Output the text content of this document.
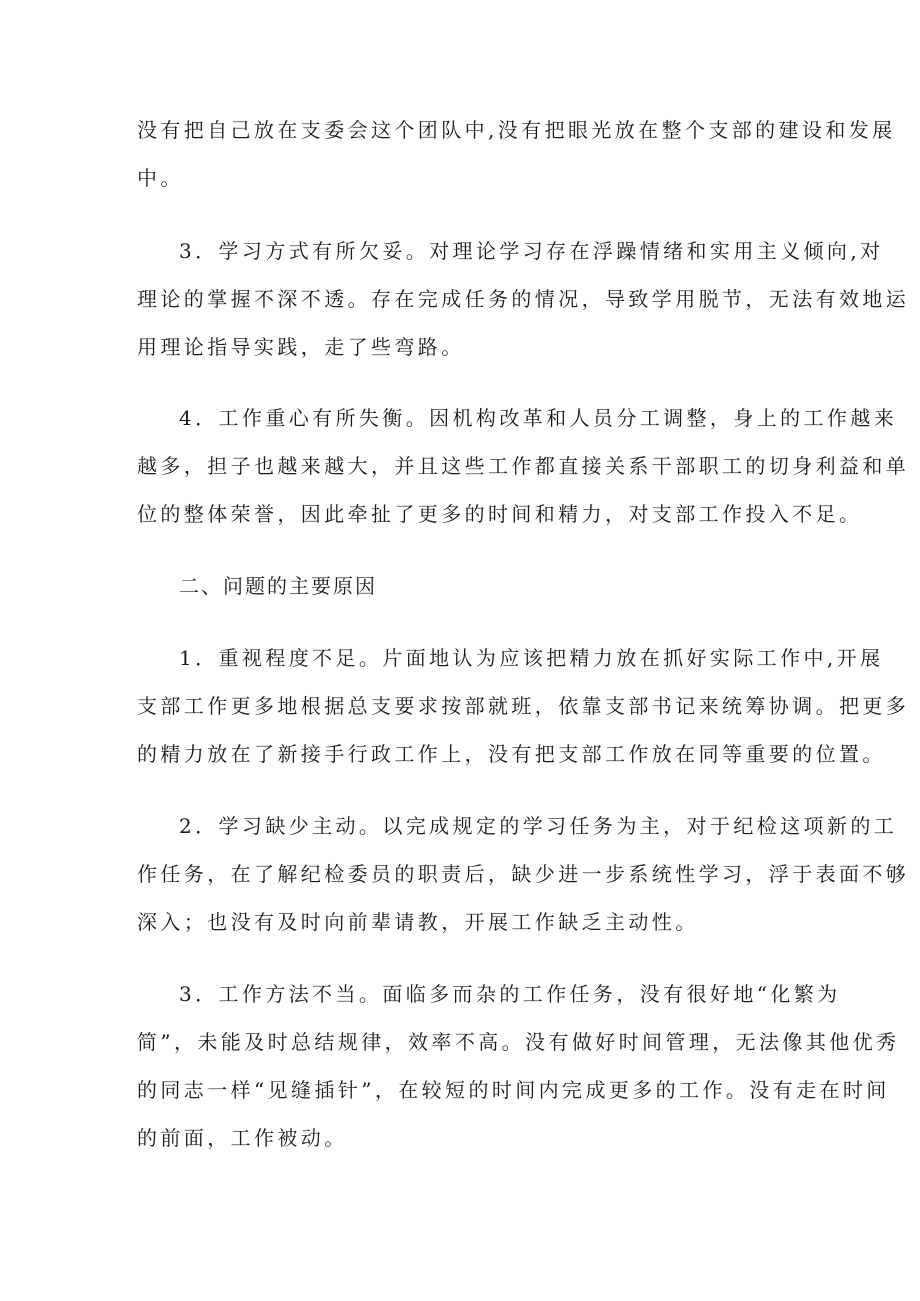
没有把自己放在支委会这个团队中,没有把眼光放在整个支部的建设和发展
中。
3．学习方式有所欠妥。对理论学习存在浮躁情绪和实用主义倾向,对
理论的掌握不深不透。存在完成任务的情况，导致学用脱节，无法有效地运
用理论指导实践，走了些弯路。
4．工作重心有所失衡。因机构改革和人员分工调整，身上的工作越来
越多，担子也越来越大，并且这些工作都直接关系干部职工的切身利益和单
位的整体荣誉，因此牵扯了更多的时间和精力，对支部工作投入不足。
二、问题的主要原因
1．重视程度不足。片面地认为应该把精力放在抓好实际工作中,开展
支部工作更多地根据总支要求按部就班，依靠支部书记来统筹协调。把更多
的精力放在了新接手行政工作上，没有把支部工作放在同等重要的位置。
2．学习缺少主动。以完成规定的学习任务为主，对于纪检这项新的工
作任务，在了解纪检委员的职责后，缺少进一步系统性学习，浮于表面不够
深入；也没有及时向前辈请教，开展工作缺乏主动性。
3．工作方法不当。面临多而杂的工作任务，没有很好地“化繁为
简”，未能及时总结规律，效率不高。没有做好时间管理，无法像其他优秀
的同志一样“见缝插针”，在较短的时间内完成更多的工作。没有走在时间
的前面，工作被动。
